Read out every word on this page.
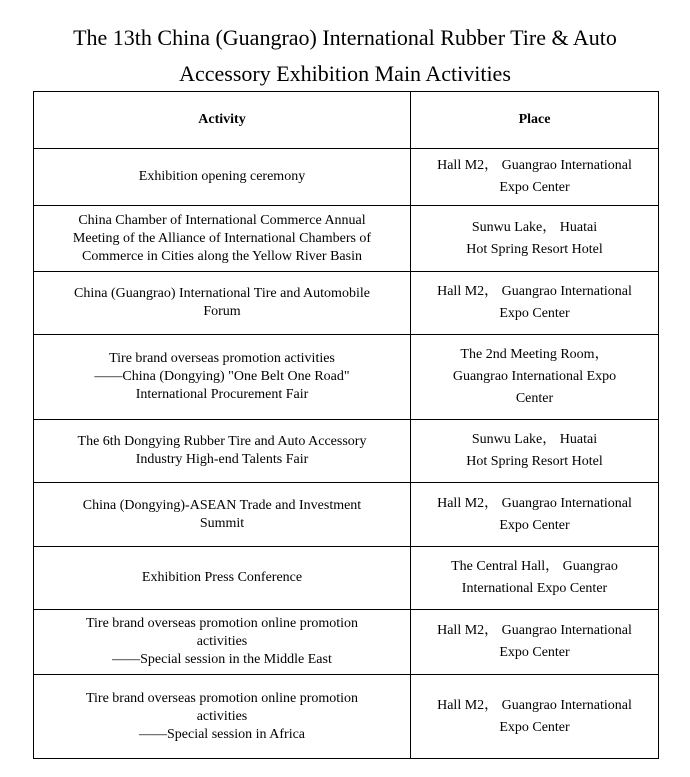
The 13th China (Guangrao) International Rubber Tire & Auto
Accessory Exhibition Main Activities
Activity	Place

Exhibition opening ceremony	Hall M2， Guangrao International
Expo Center

China Chamber of International Commerce Annual
Meeting of the Alliance of International Chambers of
Commerce in Cities along the Yellow River Basin	Sunwu Lake， Huatai
Hot Spring Resort Hotel

China (Guangrao) International Tire and Automobile
Forum	Hall M2， Guangrao International
Expo Center

Tire brand overseas promotion activities
——China (Dongying) "One Belt One Road"
International Procurement Fair	The 2nd Meeting Room，
Guangrao International Expo
Center

The 6th Dongying Rubber Tire and Auto Accessory
Industry High-end Talents Fair	Sunwu Lake， Huatai
Hot Spring Resort Hotel

China (Dongying)-ASEAN Trade and Investment
Summit	Hall M2， Guangrao International
Expo Center

Exhibition Press Conference	The Central Hall， Guangrao
International Expo Center

Tire brand overseas promotion online promotion
activities
——Special session in the Middle East	Hall M2， Guangrao International
Expo Center

Tire brand overseas promotion online promotion
activities
——Special session in Africa	Hall M2， Guangrao International
Expo Center
